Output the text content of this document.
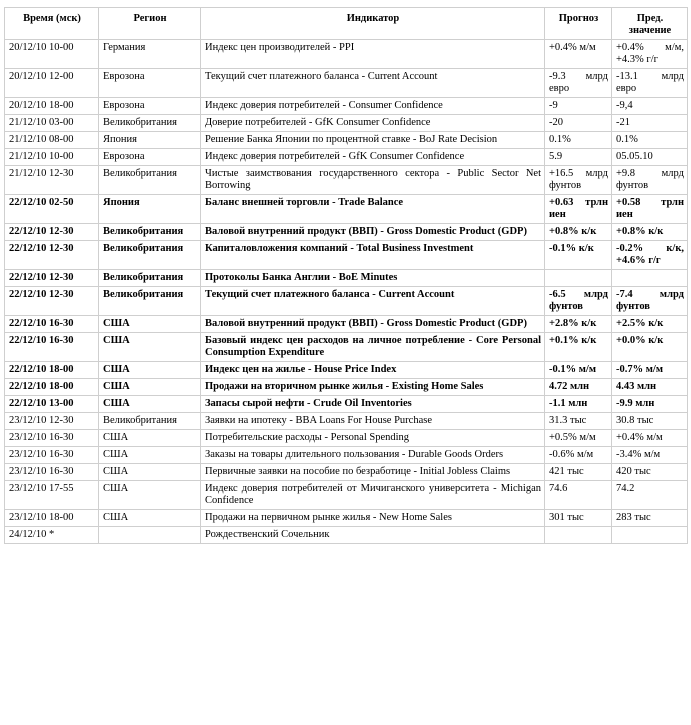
Время (мск)	Регион	Индикатор	Прогноз	Пред. значение
20/12/10 10-00	Германия	Индекс цен производителей - PPI	+0.4% м/м	+0.4% м/м, +4.3% г/г
20/12/10 12-00	Еврозона	Текущий счет платежного баланса - Current Account	-9.3 млрд евро	-13.1 млрд евро
20/12/10 18-00	Еврозона	Индекс доверия потребителей - Consumer Confidence	-9	-9,4
21/12/10 03-00	Великобритания	Доверие потребителей - GfK Consumer Confidence	-20	-21
21/12/10 08-00	Япония	Решение Банка Японии по процентной ставке - BoJ Rate Decision	0.1%	0.1%
21/12/10 10-00	Еврозона	Индекс доверия потребителей - GfK Consumer Confidence	5.9	05.05.10
21/12/10 12-30	Великобритания	Чистые заимствования государственного сектора - Public Sector Net Borrowing	+16.5 млрд фунтов	+9.8 млрд фунтов
22/12/10 02-50	Япония	Баланс внешней торговли - Trade Balance	+0.63 трлн иен	+0.58 трлн иен
22/12/10 12-30	Великобритания	Валовой внутренний продукт (ВВП) - Gross Domestic Product (GDP)	+0.8% к/к	+0.8% к/к
22/12/10 12-30	Великобритания	Капиталовложения компаний - Total Business Investment	-0.1% к/к	-0.2% к/к, +4.6% г/г
22/12/10 12-30	Великобритания	Протоколы Банка Англии - BoE Minutes		
22/12/10 12-30	Великобритания	Текущий счет платежного баланса - Current Account	-6.5 млрд фунтов	-7.4 млрд фунтов
22/12/10 16-30	США	Валовой внутренний продукт (ВВП) - Gross Domestic Product (GDP)	+2.8% к/к	+2.5% к/к
22/12/10 16-30	США	Базовый индекс цен расходов на личное потребление - Core Personal Consumption Expenditure	+0.1% к/к	+0.0% к/к
22/12/10 18-00	США	Индекс цен на жилье - House Price Index	-0.1% м/м	-0.7% м/м
22/12/10 18-00	США	Продажи на вторичном рынке жилья - Existing Home Sales	4.72 млн	4.43 млн
22/12/10 13-00	США	Запасы сырой нефти - Crude Oil Inventories	-1.1 млн	-9.9 млн
23/12/10 12-30	Великобритания	Заявки на ипотеку - BBA Loans For House Purchase	31.3 тыс	30.8 тыс
23/12/10 16-30	США	Потребительские расходы - Personal Spending	+0.5% м/м	+0.4% м/м
23/12/10 16-30	США	Заказы на товары длительного пользования - Durable Goods Orders	-0.6% м/м	-3.4% м/м
23/12/10 16-30	США	Первичные заявки на пособие по безработице - Initial Jobless Claims	421 тыс	420 тыс
23/12/10 17-55	США	Индекс доверия потребителей от Мичиганского университета - Michigan Confidence	74.6	74.2
23/12/10 18-00	США	Продажи на первичном рынке жилья - New Home Sales	301 тыс	283 тыс
24/12/10 *		Рождественский Сочельник		
